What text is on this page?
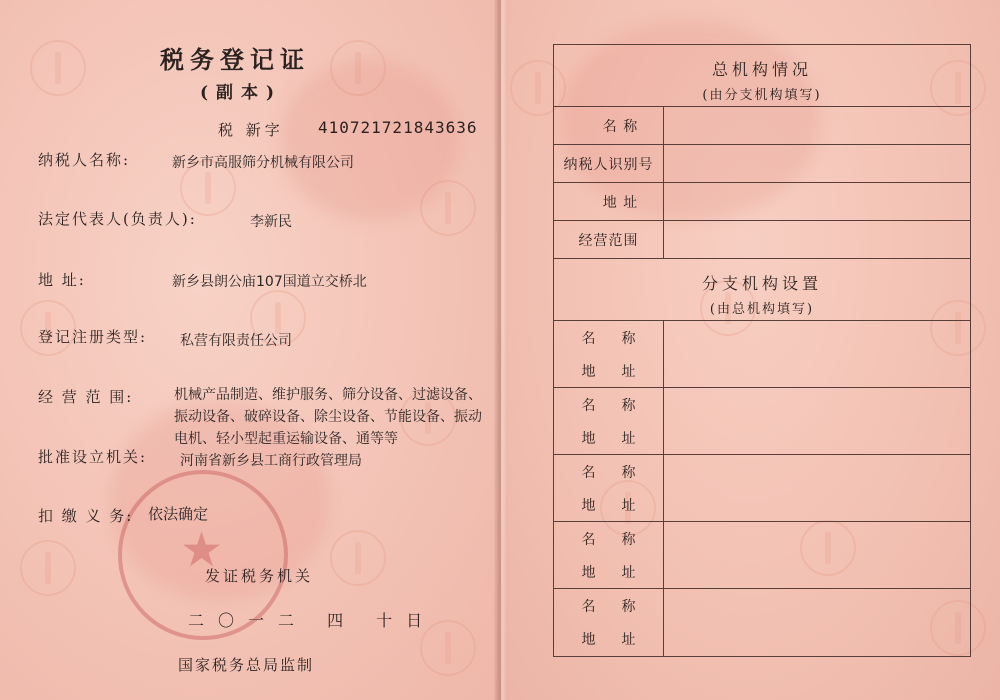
★
税务登记证
(副本)
税 新字 410721721843636
纳税人名称:	新乡市高服筛分机械有限公司
法定代表人(负责人):	李新民
地 址:	新乡县朗公庙107国道立交桥北
登记注册类型: 私营有限责任公司
经 营 范 围:	机械产品制造、维护服务、筛分设备、过滤设备、振动设备、破碎设备、除尘设备、节能设备、振动电机、轻小型起重运输设备、通等等
批准设立机关: 河南省新乡县工商行政管理局
扣 缴 义 务: 依法确定
发证税务机关
二〇一二 四 十日
国家税务总局监制
总机构情况
(由分支机构填写)
名 称
纳税人识别号
地 址
经营范围
分支机构设置
(由总机构填写)
名称
地址
名称
地址
名称
地址
名称
地址
名称
地址
